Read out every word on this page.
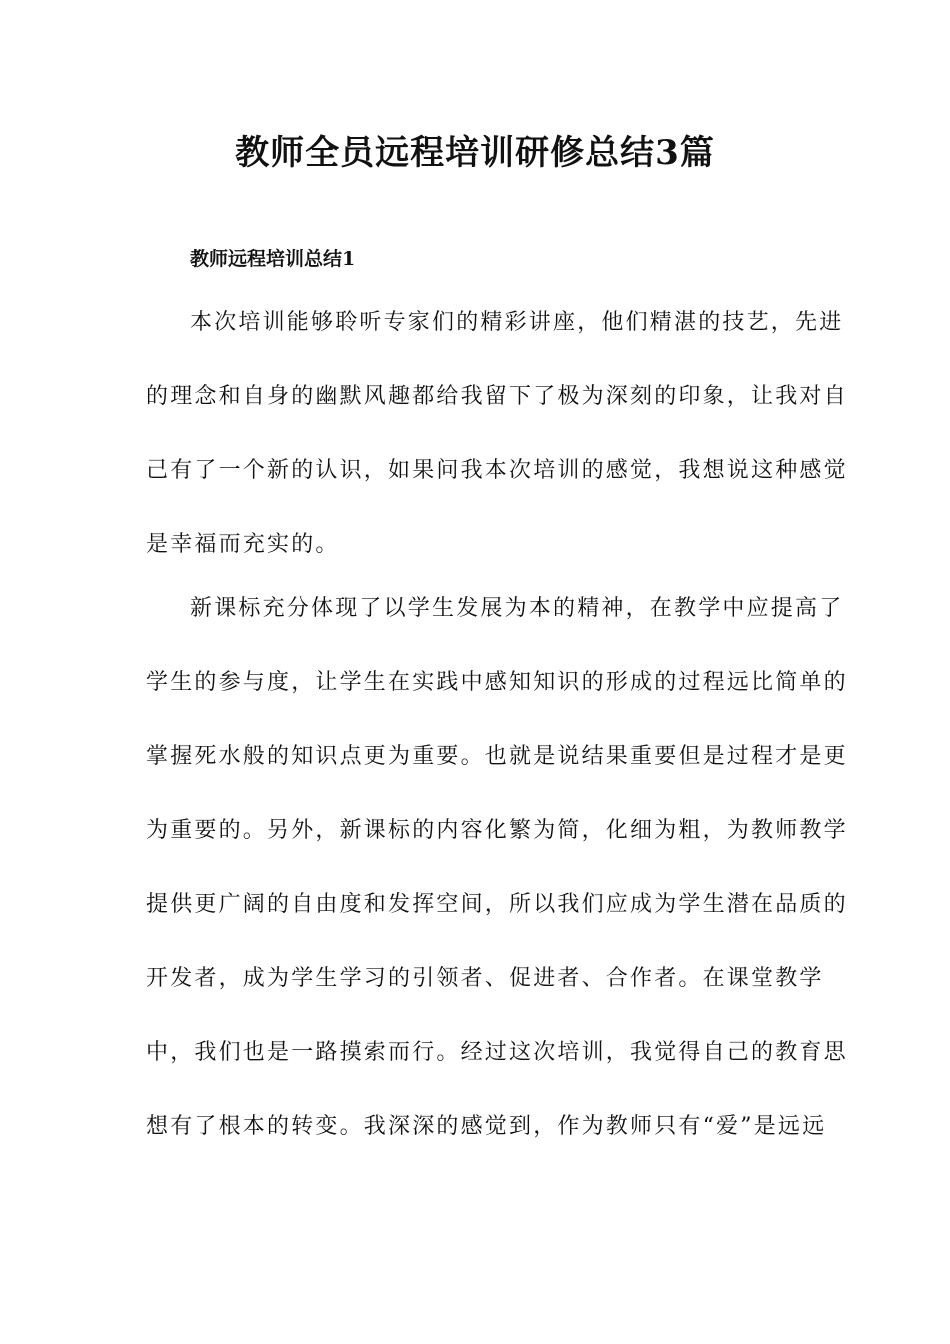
教师全员远程培训研修总结3篇
教师远程培训总结1

本次培训能够聆听专家们的精彩讲座，他们精湛的技艺，先进

的理念和自身的幽默风趣都给我留下了极为深刻的印象，让我对自

己有了一个新的认识，如果问我本次培训的感觉，我想说这种感觉

是幸福而充实的。

新课标充分体现了以学生发展为本的精神，在教学中应提高了

学生的参与度，让学生在实践中感知知识的形成的过程远比简单的

掌握死水般的知识点更为重要。也就是说结果重要但是过程才是更

为重要的。另外，新课标的内容化繁为简，化细为粗，为教师教学

提供更广阔的自由度和发挥空间，所以我们应成为学生潜在品质的

开发者，成为学生学习的引领者、促进者、合作者。在课堂教学

中，我们也是一路摸索而行。经过这次培训，我觉得自己的教育思

想有了根本的转变。我深深的感觉到，作为教师只有“爱”是远远
